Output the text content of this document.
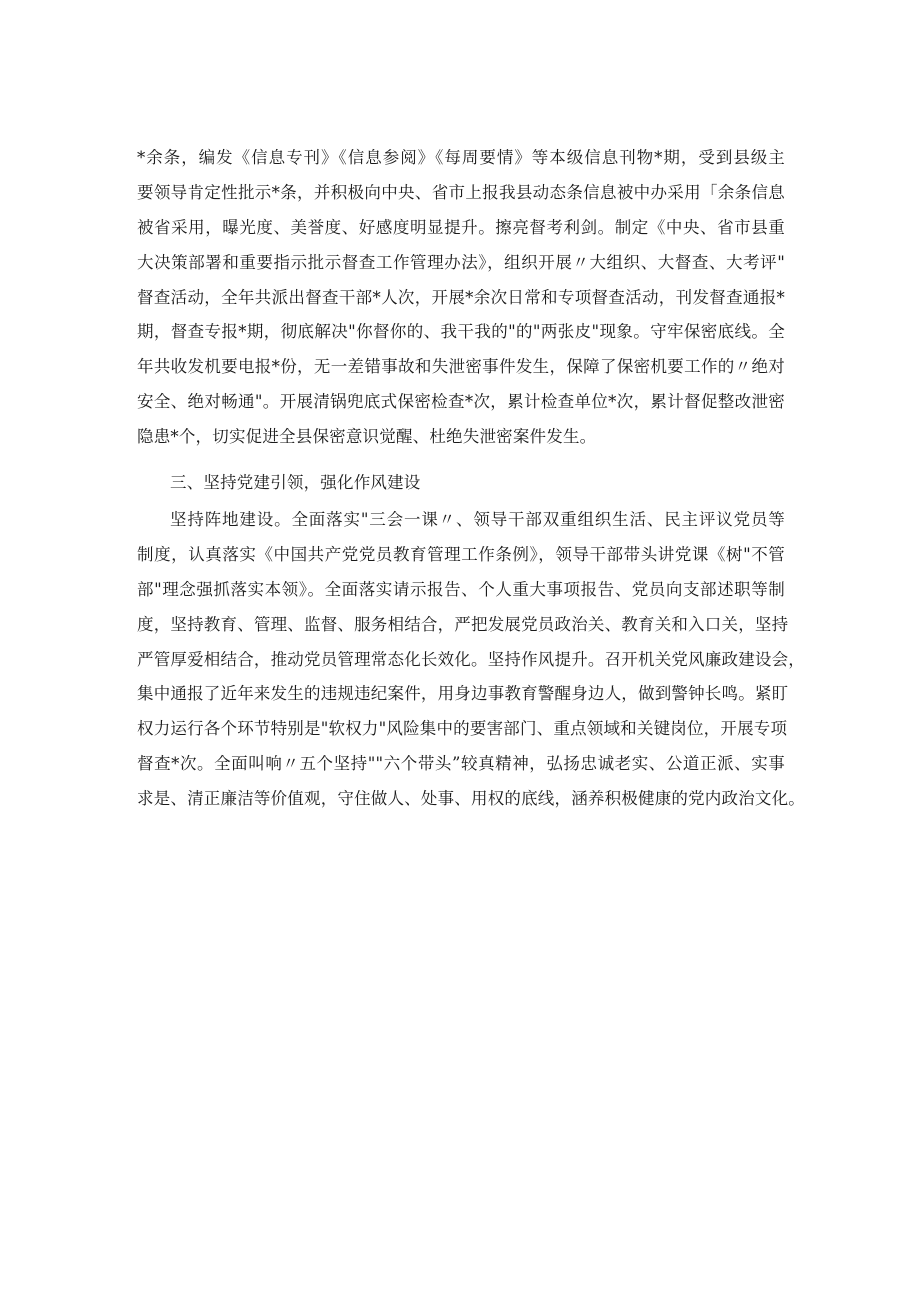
*余条，编发《信息专刊》《信息参阅》《每周要情》等本级信息刊物*期，受到县级主
要领导肯定性批示*条，并积极向中央、省市上报我县动态条信息被中办采用「余条信息
被省采用，曝光度、美誉度、好感度明显提升。擦亮督考利剑。制定《中央、省市县重
大决策部署和重要指示批示督查工作管理办法》，组织开展〃大组织、大督查、大考评"
督查活动，全年共派出督查干部*人次，开展*余次日常和专项督查活动，刊发督查通报*
期，督查专报*期，彻底解决"你督你的、我干我的"的"两张皮"现象。守牢保密底线。全
年共收发机要电报*份，无一差错事故和失泄密事件发生，保障了保密机要工作的〃绝对
安全、绝对畅通"。开展清锅兜底式保密检查*次，累计检查单位*次，累计督促整改泄密
隐患*个，切实促进全县保密意识觉醒、杜绝失泄密案件发生。
三、坚持党建引领，强化作风建设
坚持阵地建设。全面落实"三会一课〃、领导干部双重组织生活、民主评议党员等
制度，认真落实《中国共产党党员教育管理工作条例》，领导干部带头讲党课《树"不管
部"理念强抓落实本领》。全面落实请示报告、个人重大事项报告、党员向支部述职等制
度，坚持教育、管理、监督、服务相结合，严把发展党员政治关、教育关和入口关，坚持
严管厚爱相结合，推动党员管理常态化长效化。坚持作风提升。召开机关党风廉政建设会，
集中通报了近年来发生的违规违纪案件，用身边事教育警醒身边人，做到警钟长鸣。紧盯
权力运行各个环节特别是"软权力"风险集中的要害部门、重点领域和关键岗位，开展专项
督查*次。全面叫响〃五个坚持""六个带头”较真精神，弘扬忠诚老实、公道正派、实事
求是、清正廉洁等价值观，守住做人、处事、用权的底线，涵养积极健康的党内政治文化。
